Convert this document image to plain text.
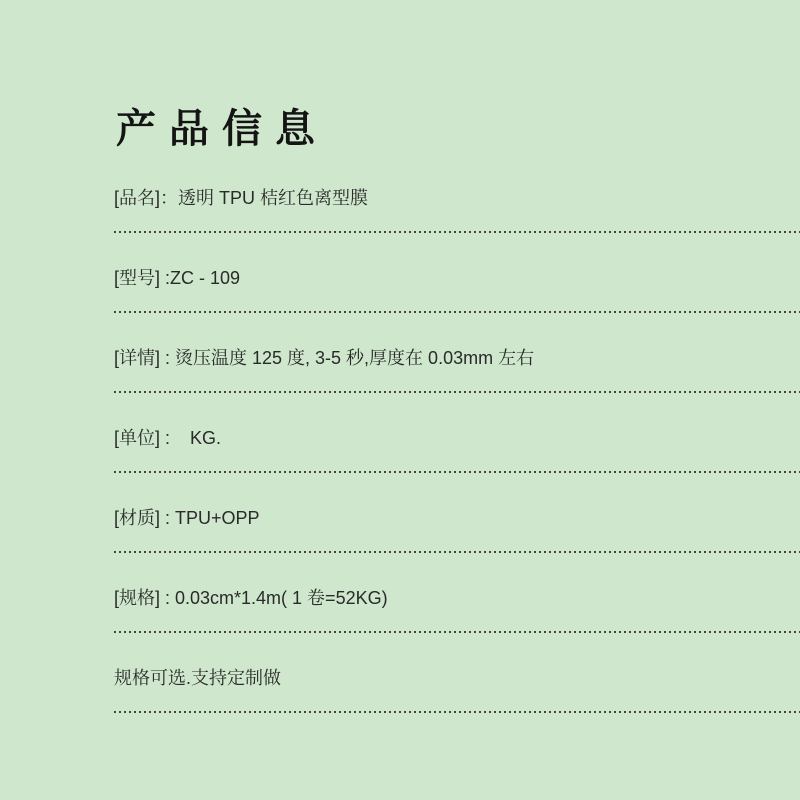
产品信息
[品名]：透明 TPU 桔红色离型膜
[型号] :ZC - 109
[详情] : 烫压温度 125 度, 3-5 秒,厚度在 0.03mm 左右
[单位] :    KG.
[材质] : TPU+OPP
[规格] : 0.03cm*1.4m( 1 卷=52KG)
规格可选.支持定制做
